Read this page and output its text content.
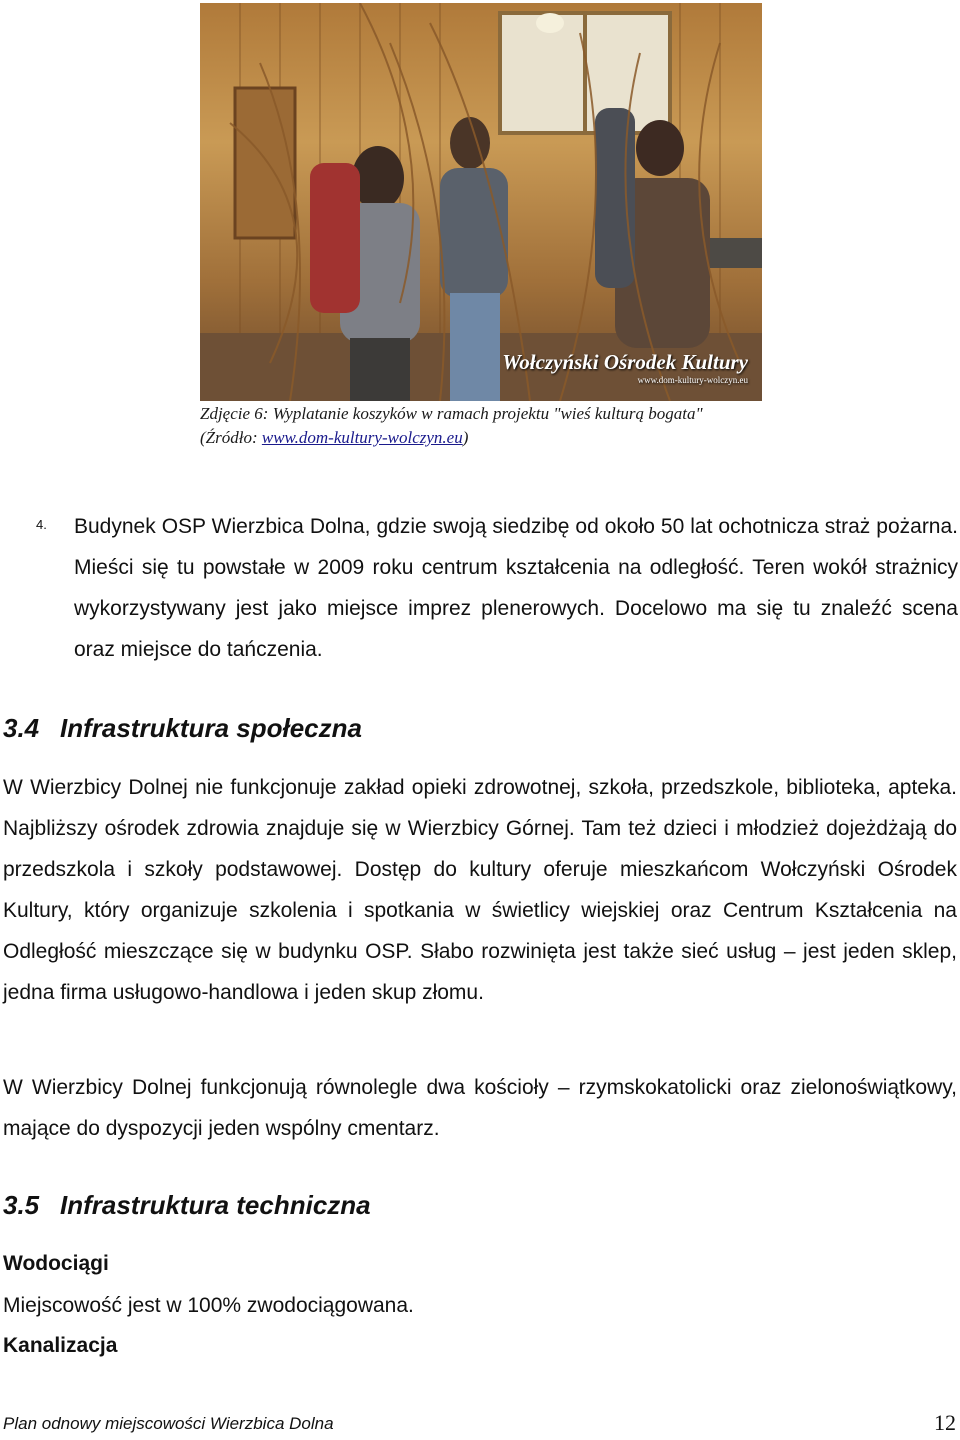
Wołczyński Ośrodek Kultury
www.dom-kultury-wolczyn.eu
Zdjęcie 6: Wyplatanie koszyków w ramach projektu "wieś kulturą bogata" (Źródło: www.dom-kultury-wolczyn.eu)
4. Budynek OSP Wierzbica Dolna, gdzie swoją siedzibę od około 50 lat ochotnicza straż pożarna. Mieści się tu powstałe w 2009 roku centrum kształcenia na odległość. Teren wokół strażnicy wykorzystywany jest jako miejsce imprez plenerowych. Docelowo ma się tu znaleźć scena oraz miejsce do tańczenia.
3.4 Infrastruktura społeczna
W Wierzbicy Dolnej nie funkcjonuje zakład opieki zdrowotnej, szkoła, przedszkole, biblioteka, apteka. Najbliższy ośrodek zdrowia znajduje się w Wierzbicy Górnej. Tam też dzieci i młodzież dojeżdżają do przedszkola i szkoły podstawowej. Dostęp do kultury oferuje mieszkańcom Wołczyński Ośrodek Kultury, który organizuje szkolenia i spotkania w świetlicy wiejskiej oraz Centrum Kształcenia na Odległość mieszczące się w budynku OSP. Słabo rozwinięta jest także sieć usług – jest jeden sklep, jedna firma usługowo-handlowa i jeden skup złomu.
W Wierzbicy Dolnej funkcjonują równolegle dwa kościoły – rzymskokatolicki oraz zielonoświątkowy, mające do dyspozycji jeden wspólny cmentarz.
3.5 Infrastruktura techniczna
Wodociągi
Miejscowość jest w 100% zwodociągowana.
Kanalizacja
Plan odnowy miejscowości Wierzbica Dolna	12
